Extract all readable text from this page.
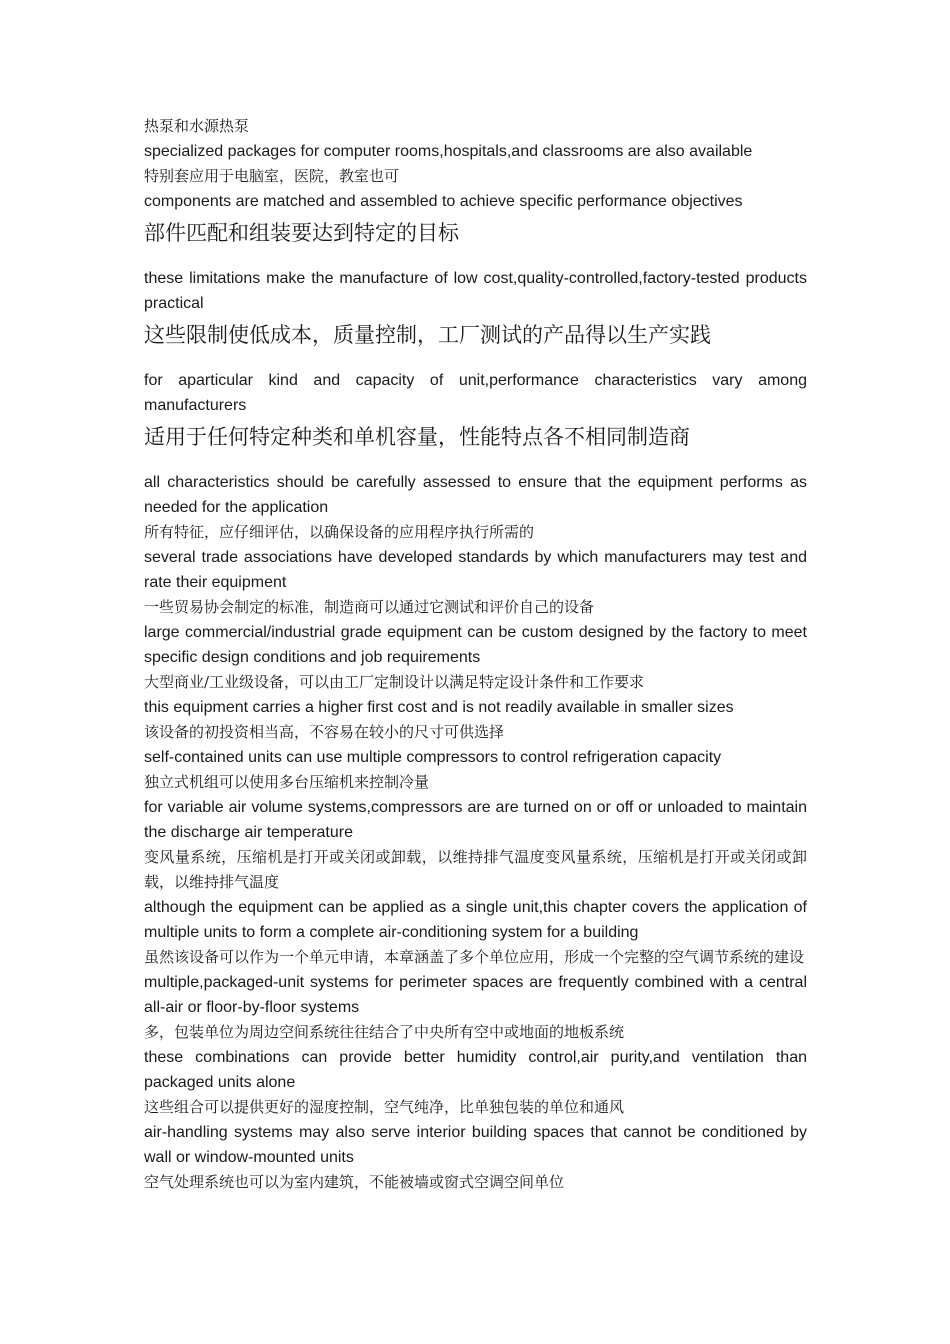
热泵和水源热泵

specialized packages for computer rooms,hospitals,and classrooms are also available

特别套应用于电脑室，医院，教室也可

components are matched and assembled to achieve specific performance objectives

部件匹配和组装要达到特定的目标

these limitations make the manufacture of low cost,quality-controlled,factory-tested products practical

这些限制使低成本，质量控制，工厂测试的产品得以生产实践

for aparticular kind and capacity of unit,performance characteristics vary among manufacturers

适用于任何特定种类和单机容量，性能特点各不相同制造商

all characteristics should be carefully assessed to ensure that the equipment performs as needed for the application

所有特征，应仔细评估，以确保设备的应用程序执行所需的

several trade associations have developed standards by which manufacturers may test and rate their equipment

一些贸易协会制定的标准，制造商可以通过它测试和评价自己的设备

large commercial/industrial grade equipment can be custom designed by the factory to meet specific design conditions and job requirements

大型商业/工业级设备，可以由工厂定制设计以满足特定设计条件和工作要求

this equipment carries a higher first cost and is not readily available in smaller sizes

该设备的初投资相当高，不容易在较小的尺寸可供选择

self-contained units can use multiple compressors to control refrigeration capacity

独立式机组可以使用多台压缩机来控制冷量

for variable air volume systems,compressors are are turned on or off or unloaded to maintain the discharge air temperature

变风量系统，压缩机是打开或关闭或卸载，以维持排气温度变风量系统，压缩机是打开或关闭或卸载，以维持排气温度

although the equipment can be applied as a single unit,this chapter covers the application of multiple units to form a complete air-conditioning system for a building

虽然该设备可以作为一个单元申请，本章涵盖了多个单位应用，形成一个完整的空气调节系统的建设

multiple,packaged-unit systems for perimeter spaces are frequently combined with a central all-air or floor-by-floor systems

多，包装单位为周边空间系统往往结合了中央所有空中或地面的地板系统

these combinations can provide better humidity control,air purity,and ventilation than packaged units alone

这些组合可以提供更好的湿度控制，空气纯净，比单独包装的单位和通风

air-handling systems may also serve interior building spaces that cannot be conditioned by wall or window-mounted units

空气处理系统也可以为室内建筑，不能被墙或窗式空调空间单位
